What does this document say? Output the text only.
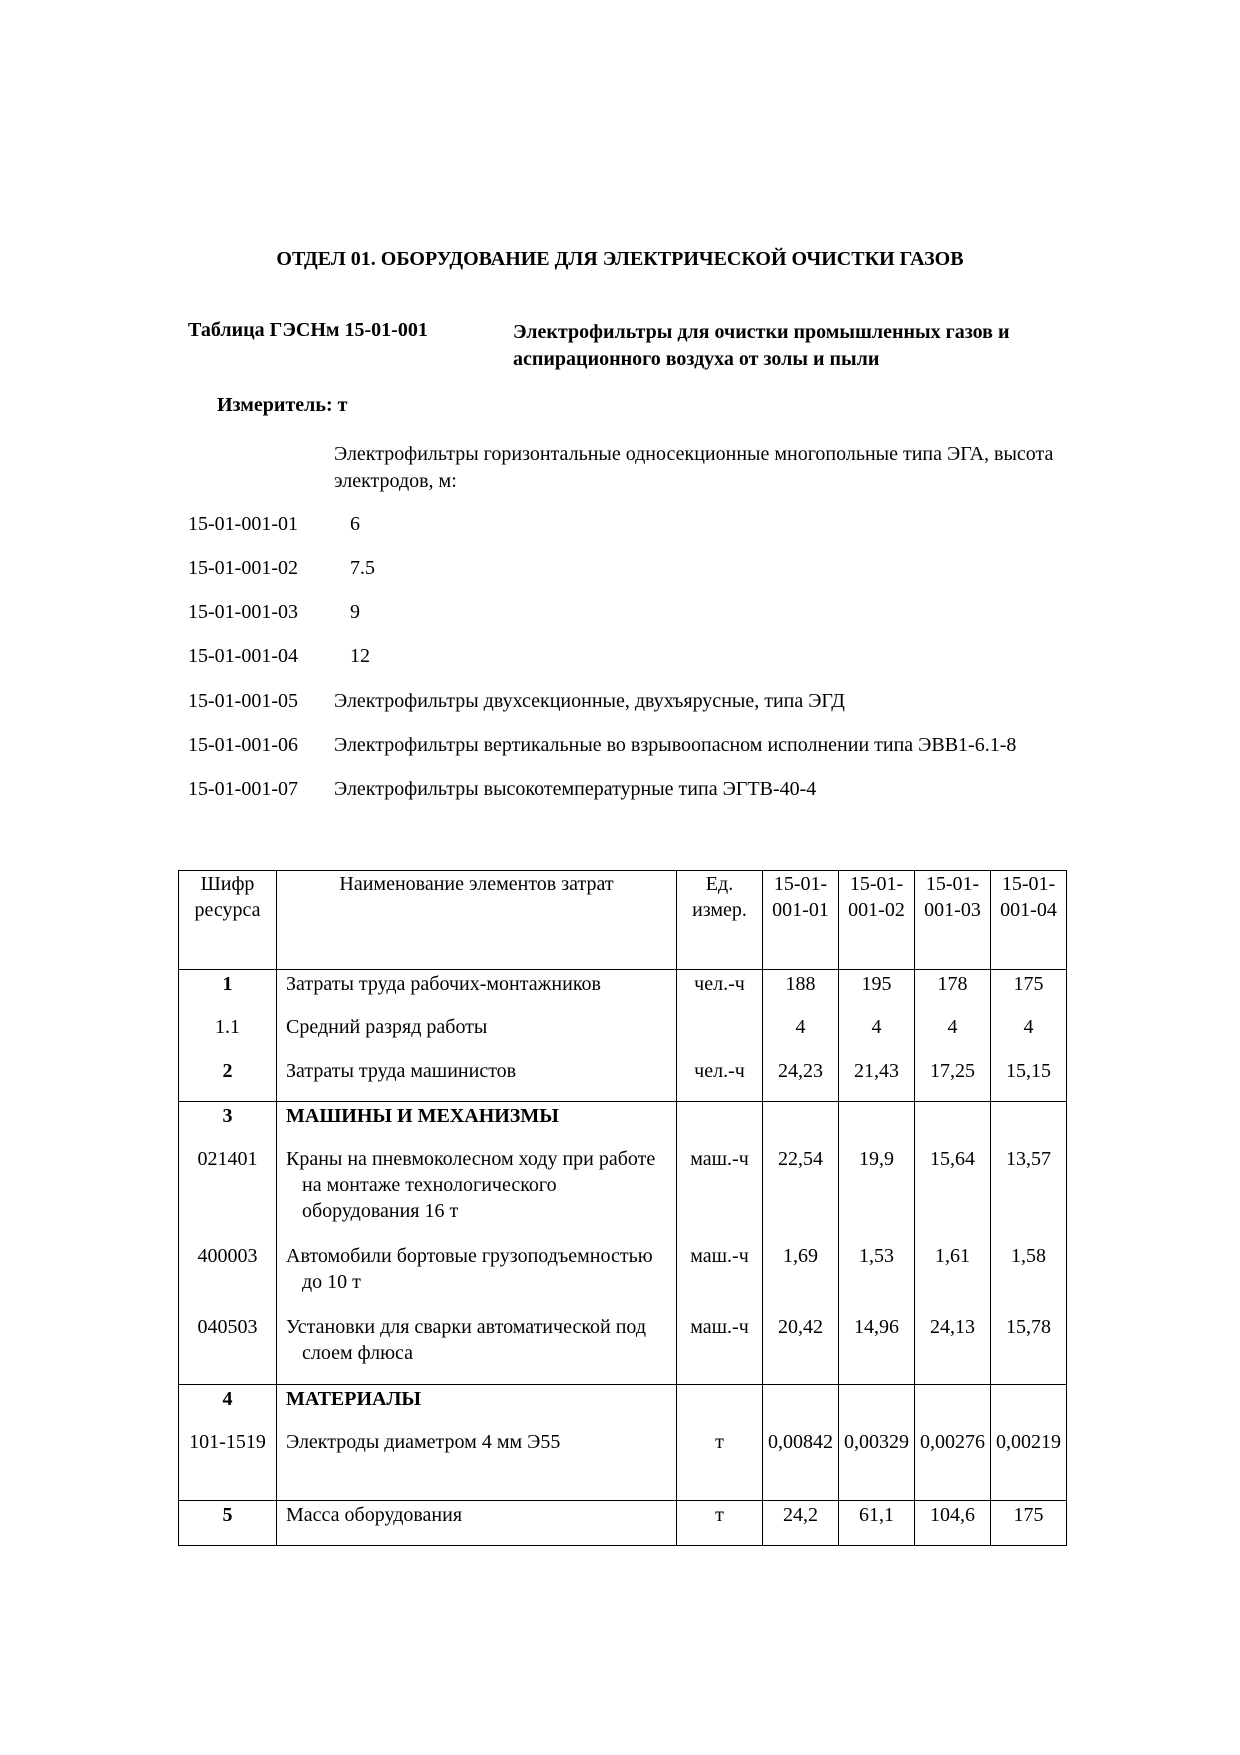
ОТДЕЛ 01. ОБОРУДОВАНИЕ ДЛЯ ЭЛЕКТРИЧЕСКОЙ ОЧИСТКИ ГАЗОВ
Таблица ГЭСНм 15-01-001	Электрофильтры для очистки промышленных газов и аспирационного воздуха от золы и пыли
Измеритель: т
Электрофильтры горизонтальные односекционные многопольные типа ЭГА, высота электродов, м:
15-01-001-01	6
15-01-001-02	7.5
15-01-001-03	9
15-01-001-04	12
15-01-001-05 Электрофильтры двухсекционные, двухъярусные, типа ЭГД
15-01-001-06 Электрофильтры вертикальные во взрывоопасном исполнении типа ЭВВ1-6.1-8
15-01-001-07 Электрофильтры высокотемпературные типа ЭГТВ-40-4
Шифр ресурса	Наименование элементов затрат	Ед. измер.	15-01-001-01	15-01-001-02	15-01-001-03	15-01-001-04
1	Затраты труда рабочих-монтажников	чел.-ч	188	195	178	175
1.1	Средний разряд работы		4	4	4	4
2	Затраты труда машинистов	чел.-ч	24,23	21,43	17,25	15,15
3	МАШИНЫ И МЕХАНИЗМЫ					
021401	Краны на пневмоколесном ходу при работе на монтаже технологического оборудования 16 т	маш.-ч	22,54	19,9	15,64	13,57
400003	Автомобили бортовые грузоподъемностью до 10 т	маш.-ч	1,69	1,53	1,61	1,58
040503	Установки для сварки автоматической под слоем флюса	маш.-ч	20,42	14,96	24,13	15,78
4	МАТЕРИАЛЫ					
101-1519	Электроды диаметром 4 мм Э55	т	0,00842	0,00329	0,00276	0,00219
5	Масса оборудования	т	24,2	61,1	104,6	175
